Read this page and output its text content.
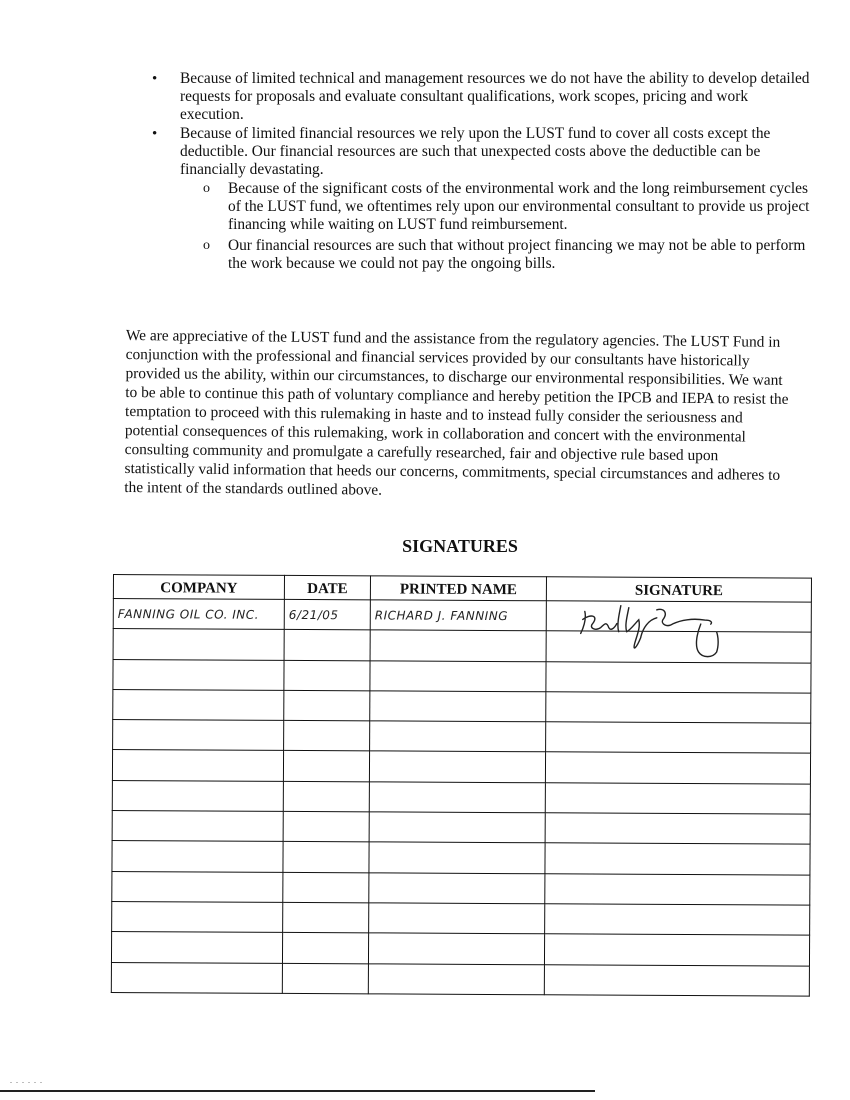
• Because of limited technical and management resources we do not have the ability to develop detailed requests for proposals and evaluate consultant qualifications, work scopes, pricing and work execution.
• Because of limited financial resources we rely upon the LUST fund to cover all costs except the deductible. Our financial resources are such that unexpected costs above the deductible can be financially devastating.
o Because of the significant costs of the environmental work and the long reimbursement cycles of the LUST fund, we oftentimes rely upon our environmental consultant to provide us project financing while waiting on LUST fund reimbursement.
o Our financial resources are such that without project financing we may not be able to perform the work because we could not pay the ongoing bills.

We are appreciative of the LUST fund and the assistance from the regulatory agencies. The LUST Fund in conjunction with the professional and financial services provided by our consultants have historically provided us the ability, within our circumstances, to discharge our environmental responsibilities. We want to be able to continue this path of voluntary compliance and hereby petition the IPCB and IEPA to resist the temptation to proceed with this rulemaking in haste and to instead fully consider the seriousness and potential consequences of this rulemaking, work in collaboration and concert with the environmental consulting community and promulgate a carefully researched, fair and objective rule based upon statistically valid information that heeds our concerns, commitments, special circumstances and adheres to the intent of the standards outlined above.

SIGNATURES
COMPANY	DATE	PRINTED NAME	SIGNATURE

FANNING OIL CO. INC.	6/21/05	RICHARD J. FANNING

. . . . . .
